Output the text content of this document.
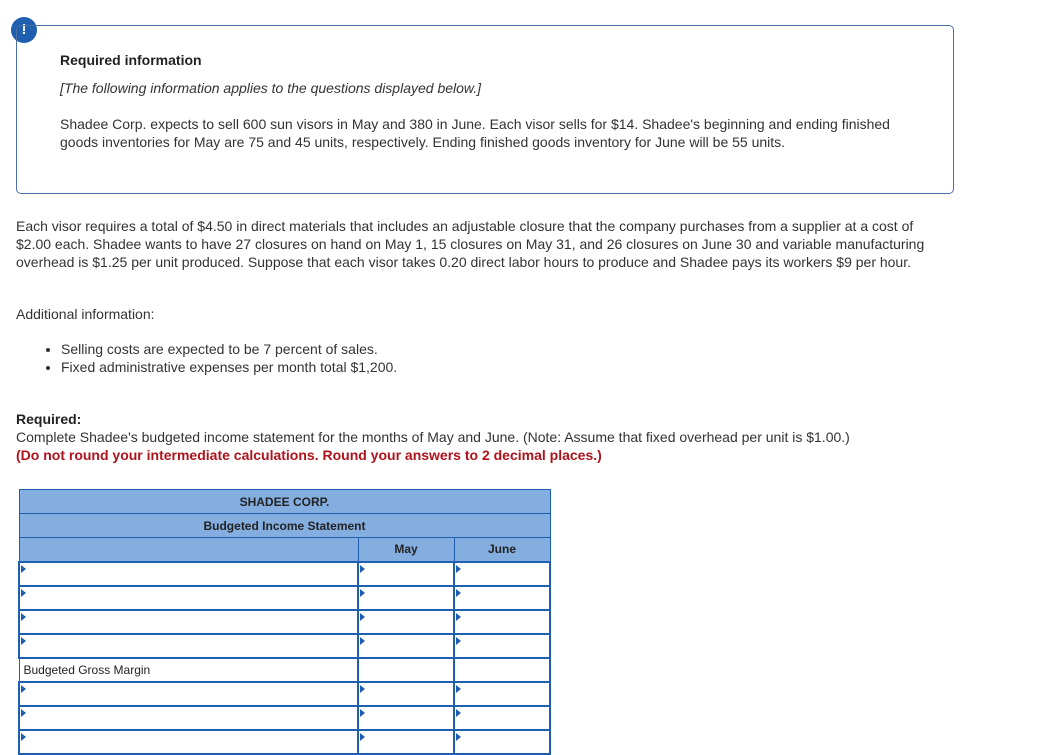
!

Required information

[The following information applies to the questions displayed below.]

Shadee Corp. expects to sell 600 sun visors in May and 380 in June. Each visor sells for $14. Shadee's beginning and ending finished goods inventories for May are 75 and 45 units, respectively. Ending finished goods inventory for June will be 55 units.

Each visor requires a total of $4.50 in direct materials that includes an adjustable closure that the company purchases from a supplier at a cost of $2.00 each. Shadee wants to have 27 closures on hand on May 1, 15 closures on May 31, and 26 closures on June 30 and variable manufacturing overhead is $1.25 per unit produced. Suppose that each visor takes 0.20 direct labor hours to produce and Shadee pays its workers $9 per hour.

Additional information:

• Selling costs are expected to be 7 percent of sales.
• Fixed administrative expenses per month total $1,200.

Required:

Complete Shadee's budgeted income statement for the months of May and June. (Note: Assume that fixed overhead per unit is $1.00.)

(Do not round your intermediate calculations. Round your answers to 2 decimal places.)

SHADEE CORP.		
Budgeted Income Statement		
	May	June

Budgeted Gross Margin		
